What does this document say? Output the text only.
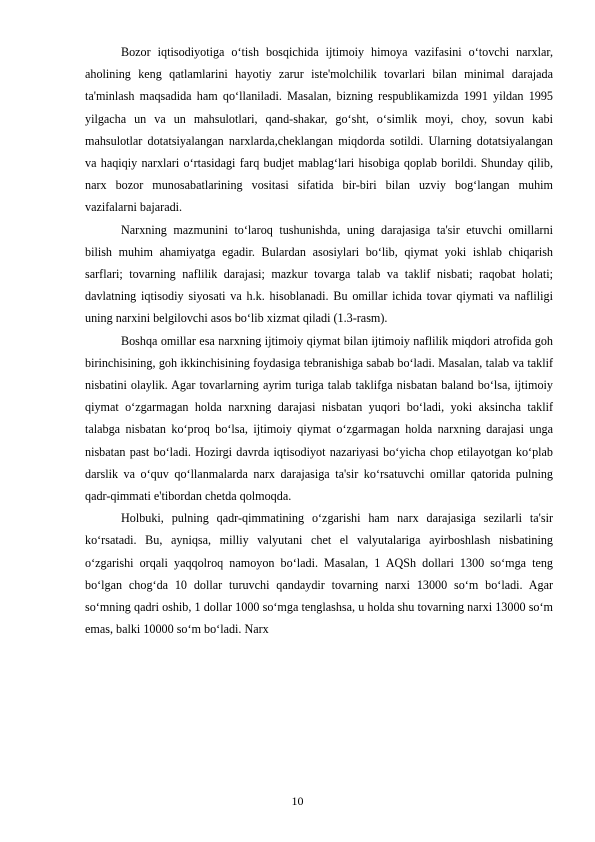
Bozor iqtisodiyotiga o‘tish bosqichida ijtimoiy himoya vazifasini o‘tovchi narxlar, aholining keng qatlamlarini hayotiy zarur iste'molchilik tovarlari bilan minimal darajada ta'minlash maqsadida ham qo‘llaniladi. Masalan, bizning respublikamizda 1991 yildan 1995 yilgacha un va un mahsulotlari, qand-shakar, go‘sht, o‘simlik moyi, choy, sovun kabi mahsulotlar dotatsiyalangan narxlarda,cheklangan miqdorda sotildi. Ularning dotatsiyalangan va haqiqiy narxlari o‘rtasidagi farq budjet mablag‘lari hisobiga qoplab borildi. Shunday qilib, narx bozor munosabatlarining vositasi sifatida bir-biri bilan uzviy bog‘langan muhim vazifalarni bajaradi.

Narxning mazmunini to‘laroq tushunishda, uning darajasiga ta'sir etuvchi omillarni bilish muhim ahamiyatga egadir. Bulardan asosiylari bo‘lib, qiymat yoki ishlab chiqarish sarflari; tovarning naflilik darajasi; mazkur tovarga talab va taklif nisbati; raqobat holati; davlatning iqtisodiy siyosati va h.k. hisoblanadi. Bu omillar ichida tovar qiymati va nafliligi uning narxini belgilovchi asos bo‘lib xizmat qiladi (1.3-rasm).

Boshqa omillar esa narxning ijtimoiy qiymat bilan ijtimoiy naflilik miqdori atrofida goh birinchisining, goh ikkinchisining foydasiga tebranishiga sabab bo‘ladi. Masalan, talab va taklif nisbatini olaylik. Agar tovarlarning ayrim turiga talab taklifga nisbatan baland bo‘lsa, ijtimoiy qiymat o‘zgarmagan holda narxning darajasi nisbatan yuqori bo‘ladi, yoki aksincha taklif talabga nisbatan ko‘proq bo‘lsa, ijtimoiy qiymat o‘zgarmagan holda narxning darajasi unga nisbatan past bo‘ladi. Hozirgi davrda iqtisodiyot nazariyasi bo‘yicha chop etilayotgan ko‘plab darslik va o‘quv qo‘llanmalarda narx darajasiga ta'sir ko‘rsatuvchi omillar qatorida pulning qadr-qimmati e'tibordan chetda qolmoqda.

Holbuki, pulning qadr-qimmatining o‘zgarishi ham narx darajasiga sezilarli ta'sir ko‘rsatadi. Bu, ayniqsa, milliy valyutani chet el valyutalariga ayirboshlash nisbatining o‘zgarishi orqali yaqqolroq namoyon bo‘ladi. Masalan, 1 AQSh dollari 1300 so‘mga teng bo‘lgan chog‘da 10 dollar turuvchi qandaydir tovarning narxi 13000 so‘m bo‘ladi. Agar so‘mning qadri oshib, 1 dollar 1000 so‘mga tenglashsa, u holda shu tovarning narxi 13000 so‘m emas, balki 10000 so‘m bo‘ladi. Narx

10
